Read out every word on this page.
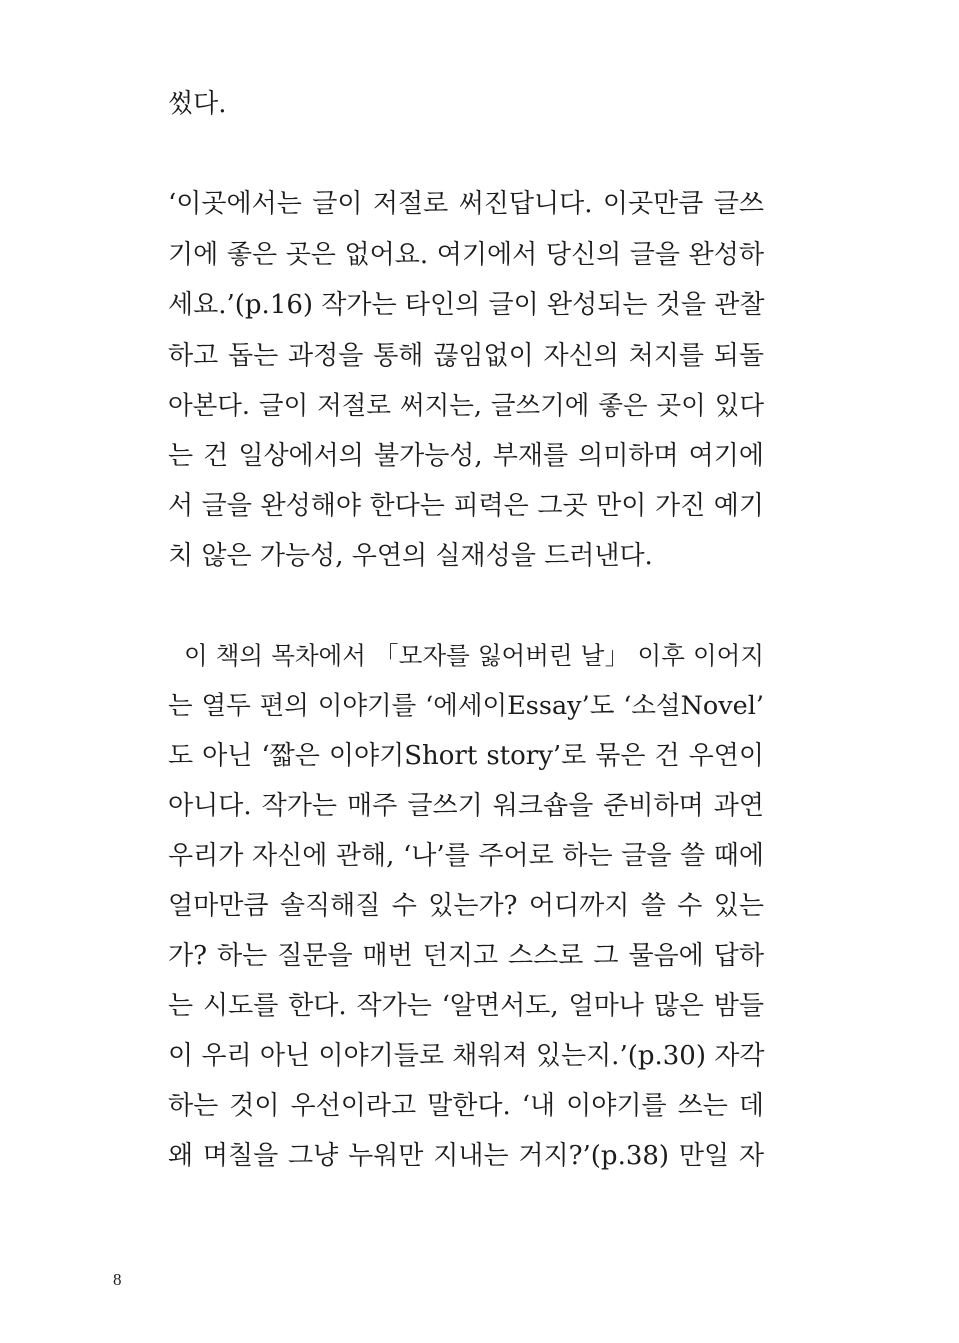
썼다.
‘이곳에서는 글이 저절로 써진답니다. 이곳만큼 글쓰
기에 좋은 곳은 없어요. 여기에서 당신의 글을 완성하
세요.’(p.16) 작가는 타인의 글이 완성되는 것을 관찰
하고 돕는 과정을 통해 끊임없이 자신의 처지를 되돌
아본다. 글이 저절로 써지는, 글쓰기에 좋은 곳이 있다
는 건 일상에서의 불가능성, 부재를 의미하며 여기에
서 글을 완성해야 한다는 피력은 그곳 만이 가진 예기
치 않은 가능성, 우연의 실재성을 드러낸다.
이 책의 목차에서 「모자를 잃어버린 날」 이후 이어지
는 열두 편의 이야기를 ‘에세이Essay’도 ‘소설Novel’
도 아닌 ‘짧은 이야기Short story’로 묶은 건 우연이
아니다. 작가는 매주 글쓰기 워크숍을 준비하며 과연
우리가 자신에 관해, ‘나’를 주어로 하는 글을 쓸 때에
얼마만큼 솔직해질 수 있는가? 어디까지 쓸 수 있는
가? 하는 질문을 매번 던지고 스스로 그 물음에 답하
는 시도를 한다. 작가는 ‘알면서도, 얼마나 많은 밤들
이 우리 아닌 이야기들로 채워져 있는지.’(p.30) 자각
하는 것이 우선이라고 말한다. ‘내 이야기를 쓰는 데
왜 며칠을 그냥 누워만 지내는 거지?’(p.38) 만일 자
8
